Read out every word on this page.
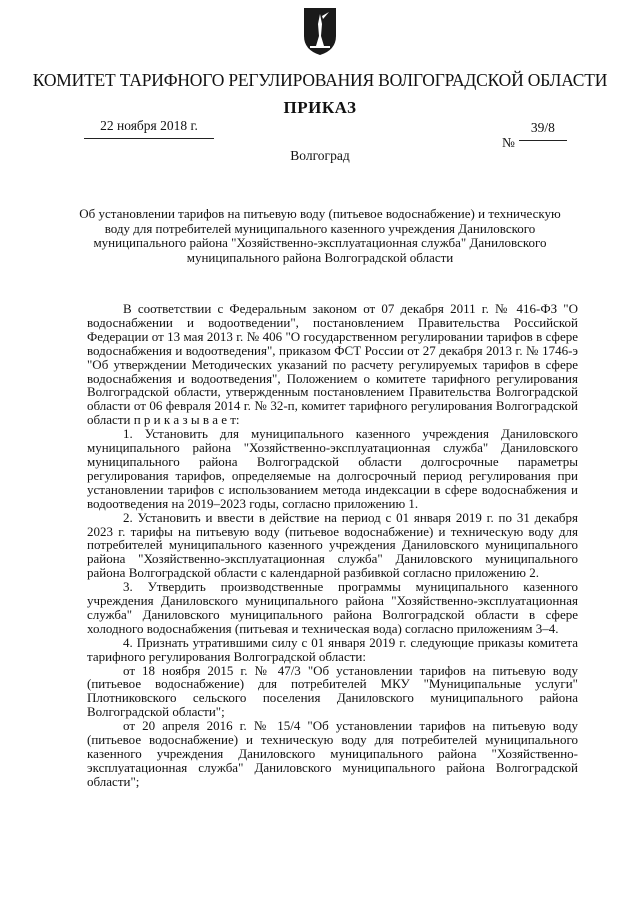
КОМИТЕТ ТАРИФНОГО РЕГУЛИРОВАНИЯ ВОЛГОГРАДСКОЙ ОБЛАСТИ
ПРИКАЗ
22 ноября 2018 г.
№39/8
Волгоград
Об установлении тарифов на питьевую воду (питьевое водоснабжение) и техническую воду для потребителей муниципального казенного учреждения Даниловского муниципального района "Хозяйственно-эксплуатационная служба" Даниловского муниципального района Волгоградской области

В соответствии с Федеральным законом от 07 декабря 2011 г. № 416-ФЗ "О водоснабжении и водоотведении", постановлением Правительства Российской Федерации от 13 мая 2013 г. № 406 "О государственном регулировании тарифов в сфере водоснабжения и водоотведения", приказом ФСТ России от 27 декабря 2013 г. № 1746-э "Об утверждении Методических указаний по расчету регулируемых тарифов в сфере водоснабжения и водоотведения", Положением о комитете тарифного регулирования Волгоградской области, утвержденным постановлением Правительства Волгоградской области от 06 февраля 2014 г. № 32-п, комитет тарифного регулирования Волгоградской области п р и к а з ы в а е т:

1. Установить для муниципального казенного учреждения Даниловского муниципального района "Хозяйственно-эксплуатационная служба" Даниловского муниципального района Волгоградской области долгосрочные параметры регулирования тарифов, определяемые на долгосрочный период регулирования при установлении тарифов с использованием метода индексации в сфере водоснабжения и водоотведения на 2019–2023 годы, согласно приложению 1.

2. Установить и ввести в действие на период с 01 января 2019 г. по 31 декабря 2023 г. тарифы на питьевую воду (питьевое водоснабжение) и техническую воду для потребителей муниципального казенного учреждения Даниловского муниципального района "Хозяйственно-эксплуатационная служба" Даниловского муниципального района Волгоградской области с календарной разбивкой согласно приложению 2.

3. Утвердить производственные программы муниципального казенного учреждения Даниловского муниципального района "Хозяйственно-эксплуатационная служба" Даниловского муниципального района Волгоградской области в сфере холодного водоснабжения (питьевая и техническая вода) согласно приложениям 3–4.

4. Признать утратившими силу с 01 января 2019 г. следующие приказы комитета тарифного регулирования Волгоградской области:

от 18 ноября 2015 г. № 47/3 "Об установлении тарифов на питьевую воду (питьевое водоснабжение) для потребителей МКУ "Муниципальные услуги" Плотниковского сельского поселения Даниловского муниципального района Волгоградской области";

от 20 апреля 2016 г. № 15/4 "Об установлении тарифов на питьевую воду (питьевое водоснабжение) и техническую воду для потребителей муниципального казенного учреждения Даниловского муниципального района "Хозяйственно-эксплуатационная служба" Даниловского муниципального района Волгоградской области";
